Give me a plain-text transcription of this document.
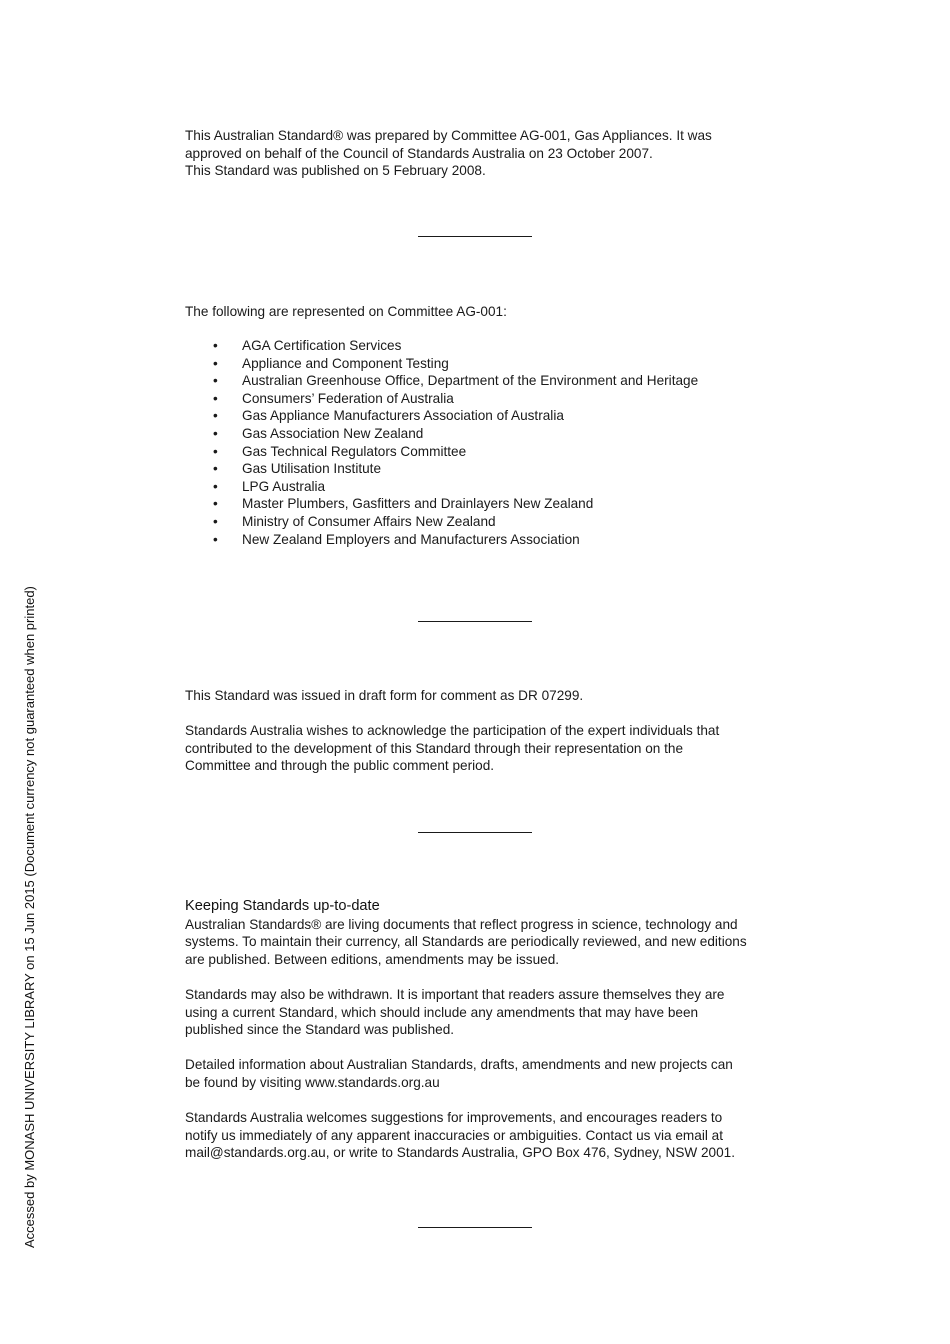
This Australian Standard® was prepared by Committee AG-001, Gas Appliances. It was
approved on behalf of the Council of Standards Australia on 23 October 2007.
This Standard was published on 5 February 2008.
The following are represented on Committee AG-001:
• AGA Certification Services
• Appliance and Component Testing
• Australian Greenhouse Office, Department of the Environment and Heritage
• Consumers’ Federation of Australia
• Gas Appliance Manufacturers Association of Australia
• Gas Association New Zealand
• Gas Technical Regulators Committee
• Gas Utilisation Institute
• LPG Australia
• Master Plumbers, Gasfitters and Drainlayers New Zealand
• Ministry of Consumer Affairs New Zealand
• New Zealand Employers and Manufacturers Association
This Standard was issued in draft form for comment as DR 07299.
Standards Australia wishes to acknowledge the participation of the expert individuals that
contributed to the development of this Standard through their representation on the
Committee and through the public comment period.
Keeping Standards up-to-date
Australian Standards® are living documents that reflect progress in science, technology and
systems. To maintain their currency, all Standards are periodically reviewed, and new editions
are published. Between editions, amendments may be issued.
Standards may also be withdrawn. It is important that readers assure themselves they are
using a current Standard, which should include any amendments that may have been
published since the Standard was published.
Detailed information about Australian Standards, drafts, amendments and new projects can
be found by visiting www.standards.org.au
Standards Australia welcomes suggestions for improvements, and encourages readers to
notify us immediately of any apparent inaccuracies or ambiguities. Contact us via email at
mail@standards.org.au, or write to Standards Australia, GPO Box 476, Sydney, NSW 2001.
Accessed by MONASH UNIVERSITY LIBRARY on 15 Jun 2015 (Document currency not guaranteed when printed)
